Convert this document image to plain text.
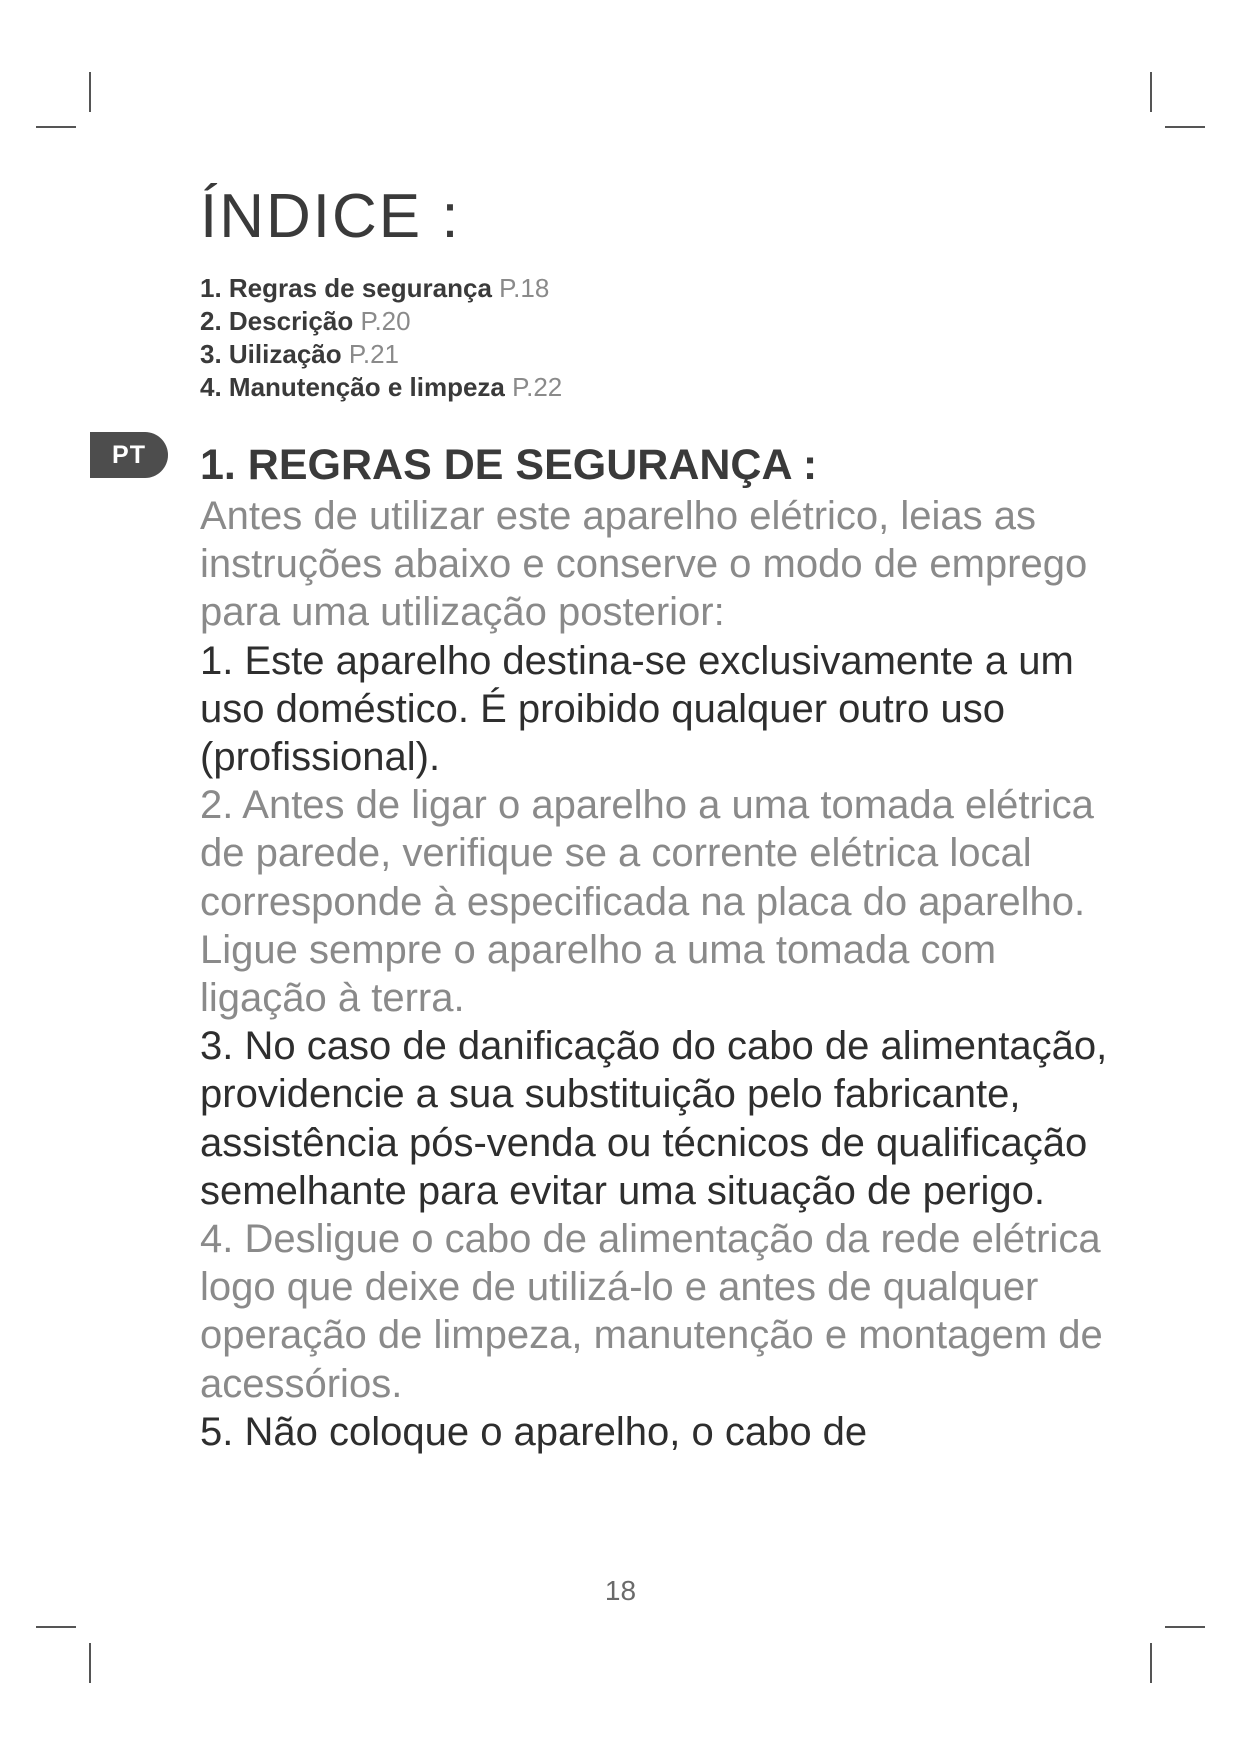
ÍNDICE :
1. Regras de segurança P.18
2. Descrição P.20
3. Uilização P.21
4. Manutenção e limpeza P.22
PT	1. REGRAS DE SEGURANÇA :

Antes de utilizar este aparelho elétrico, leias as instruções abaixo e conserve o modo de emprego para uma utilização posterior:

1. Este aparelho destina-se exclusivamente a um uso doméstico. É proibido qualquer outro uso (profissional).

2. Antes de ligar o aparelho a uma tomada elétrica de parede, verifique se a corrente elétrica local corresponde à especificada na placa do aparelho. Ligue sempre o aparelho a uma tomada com ligação à terra.

3. No caso de danificação do cabo de alimentação, providencie a sua substituição pelo fabricante, assistência pós-venda ou técnicos de qualificação semelhante para evitar uma situação de perigo.

4. Desligue o cabo de alimentação da rede elétrica logo que deixe de utilizá-lo e antes de qualquer operação de limpeza, manutenção e montagem de acessórios.

5. Não coloque o aparelho, o cabo de

18
